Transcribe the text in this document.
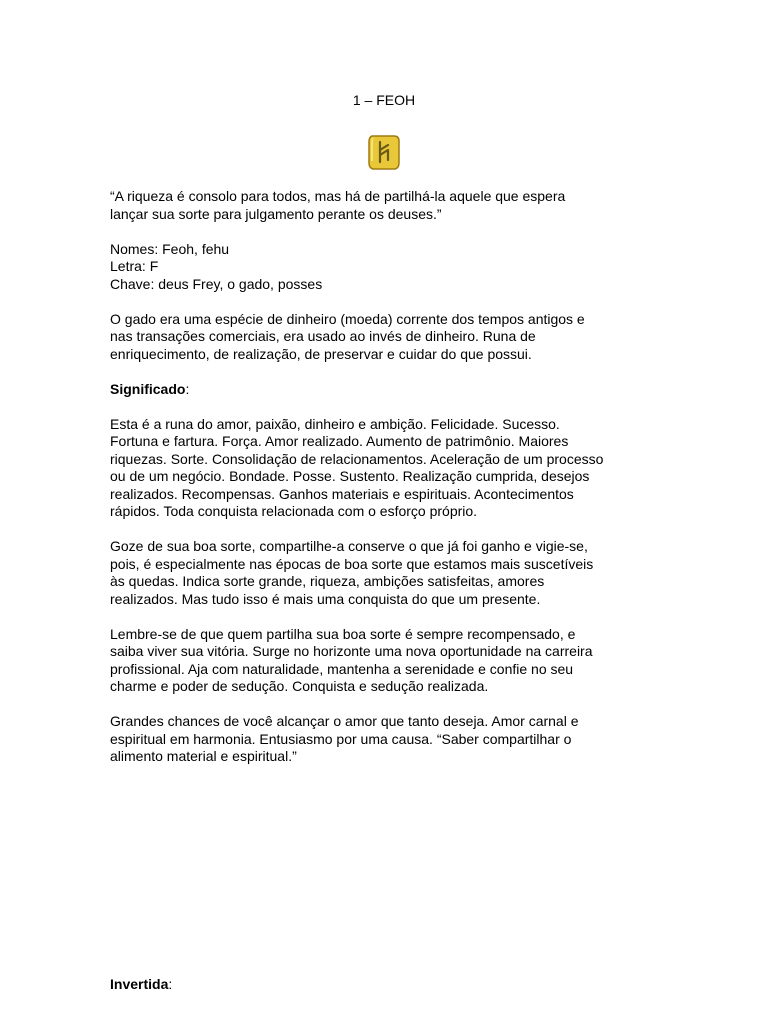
1 – FEOH

“A riqueza é consolo para todos, mas há de partilhá-la aquele que espera
lançar sua sorte para julgamento perante os deuses.”

Nomes: Feoh, fehu
Letra: F
Chave: deus Frey, o gado, posses

O gado era uma espécie de dinheiro (moeda) corrente dos tempos antigos e
nas transações comerciais, era usado ao invés de dinheiro. Runa de
enriquecimento, de realização, de preservar e cuidar do que possui.

Significado:

Esta é a runa do amor, paixão, dinheiro e ambição. Felicidade. Sucesso.
Fortuna e fartura. Força. Amor realizado. Aumento de patrimônio. Maiores
riquezas. Sorte. Consolidação de relacionamentos. Aceleração de um processo
ou de um negócio. Bondade. Posse. Sustento. Realização cumprida, desejos
realizados. Recompensas. Ganhos materiais e espirituais. Acontecimentos
rápidos. Toda conquista relacionada com o esforço próprio.

Goze de sua boa sorte, compartilhe-a conserve o que já foi ganho e vigie-se,
pois, é especialmente nas épocas de boa sorte que estamos mais suscetíveis
às quedas. Indica sorte grande, riqueza, ambições satisfeitas, amores
realizados. Mas tudo isso é mais uma conquista do que um presente.

Lembre-se de que quem partilha sua boa sorte é sempre recompensado, e
saiba viver sua vitória. Surge no horizonte uma nova oportunidade na carreira
profissional. Aja com naturalidade, mantenha a serenidade e confie no seu
charme e poder de sedução. Conquista e sedução realizada.

Grandes chances de você alcançar o amor que tanto deseja. Amor carnal e
espiritual em harmonia. Entusiasmo por uma causa. “Saber compartilhar o
alimento material e espiritual.”

Invertida:
